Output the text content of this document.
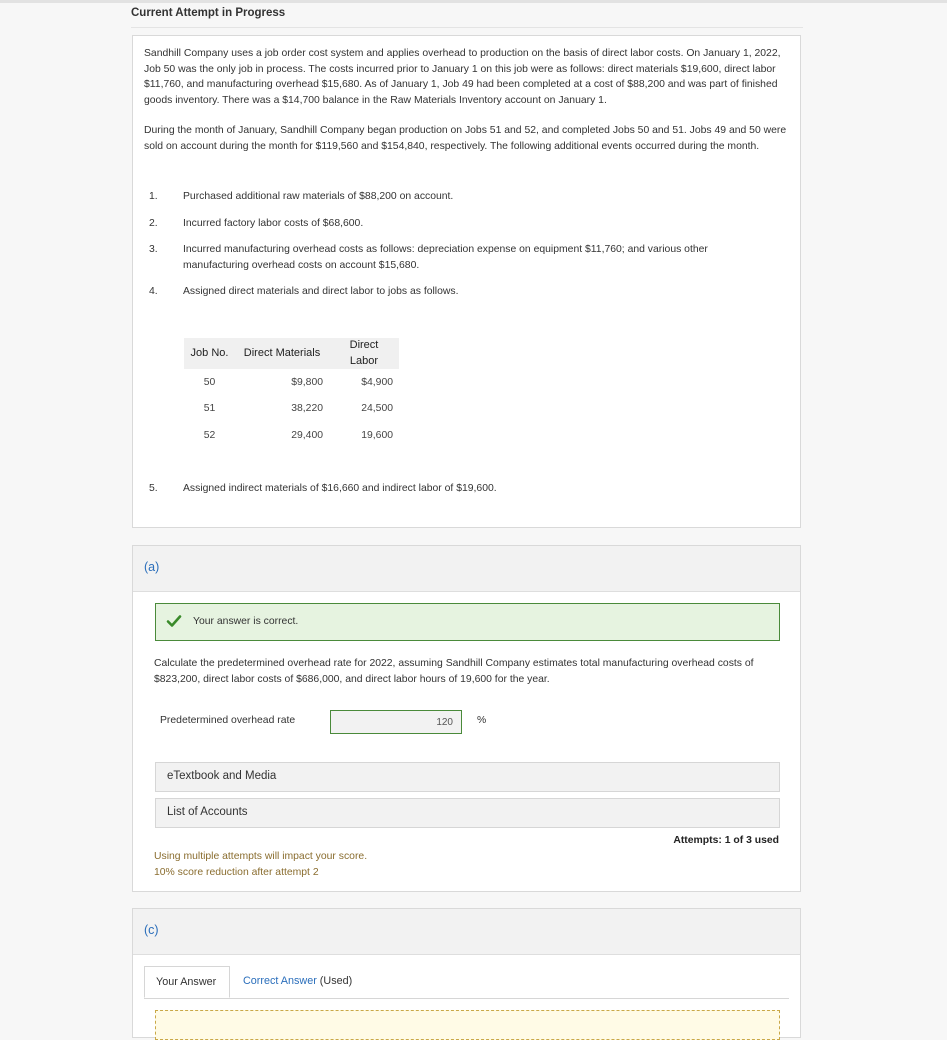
Current Attempt in Progress

Sandhill Company uses a job order cost system and applies overhead to production on the basis of direct labor costs. On January 1, 2022, Job 50 was the only job in process. The costs incurred prior to January 1 on this job were as follows: direct materials $19,600, direct labor $11,760, and manufacturing overhead $15,680. As of January 1, Job 49 had been completed at a cost of $88,200 and was part of finished goods inventory. There was a $14,700 balance in the Raw Materials Inventory account on January 1.

During the month of January, Sandhill Company began production on Jobs 51 and 52, and completed Jobs 50 and 51. Jobs 49 and 50 were sold on account during the month for $119,560 and $154,840, respectively. The following additional events occurred during the month.

1.	Purchased additional raw materials of $88,200 on account.
2.	Incurred factory labor costs of $68,600.
3.	Incurred manufacturing overhead costs as follows: depreciation expense on equipment $11,760; and various other manufacturing overhead costs on account $15,680.
4.	Assigned direct materials and direct labor to jobs as follows.
Job No.	Direct Materials	Direct Labor
50	$9,800	$4,900
51	38,220	24,500
52	29,400	19,600
5.	Assigned indirect materials of $16,660 and indirect labor of $19,600.
(a)
Your answer is correct.

Calculate the predetermined overhead rate for 2022, assuming Sandhill Company estimates total manufacturing overhead costs of $823,200, direct labor costs of $686,000, and direct labor hours of 19,600 for the year.

Predetermined overhead rate
120	%
eTextbook and Media
List of Accounts
Attempts: 1 of 3 used

Using multiple attempts will impact your score.
10% score reduction after attempt 2

(c)
Your Answer	Correct Answer (Used)
